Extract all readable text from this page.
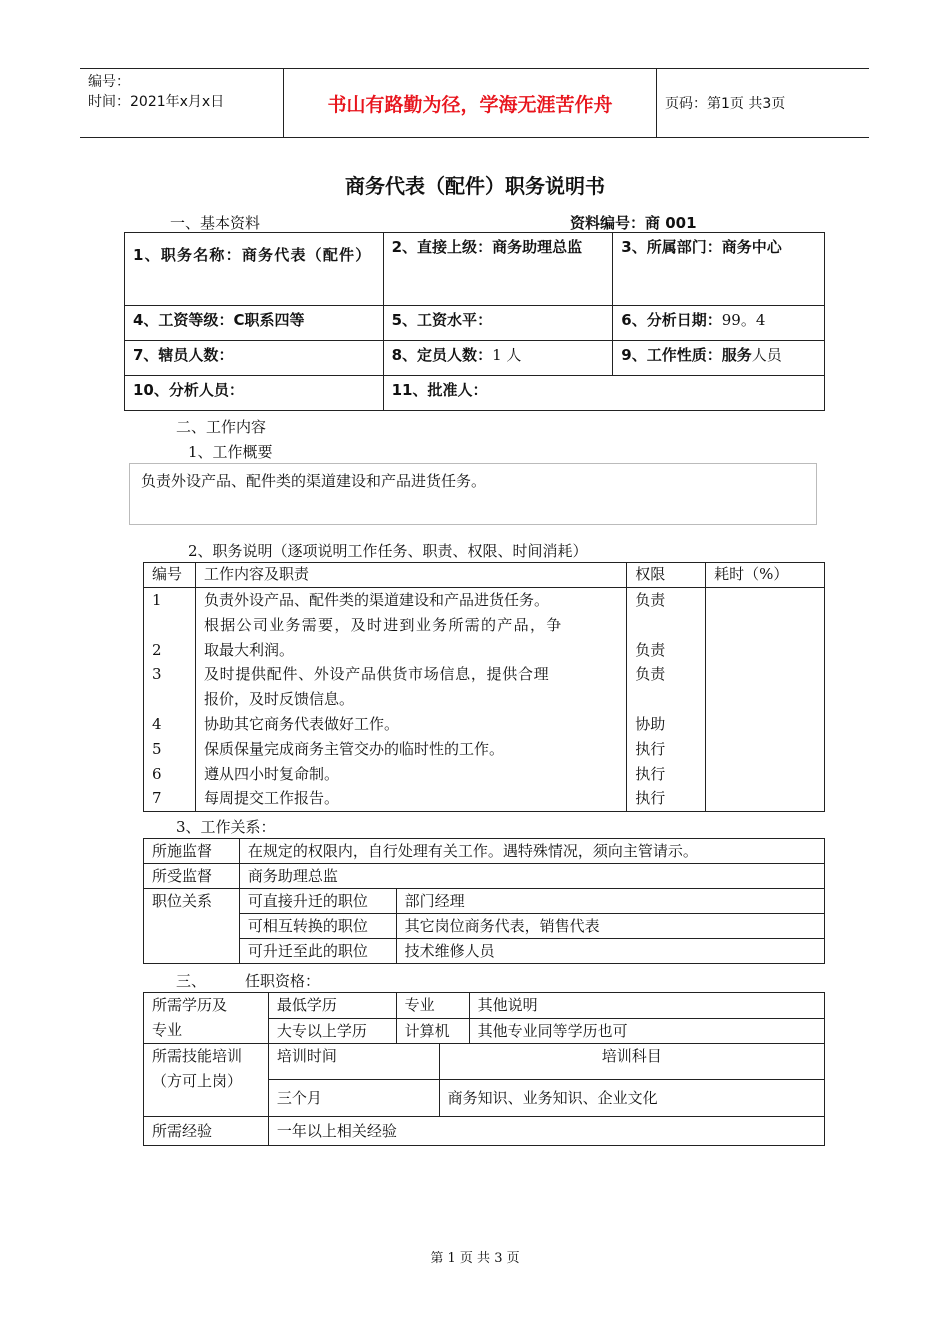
编号：
时间：2021年x月x日	书山有路勤为径，学海无涯苦作舟	页码：第1页 共3页
商务代表（配件）职务说明书
一、基本资料	资料编号：商 001
1、职务名称：商务代表（配件）	2、直接上级：商务助理总监	3、所属部门：商务中心
4、工资等级：C职系四等	5、工资水平：	6、分析日期：99。4
7、辖员人数：	8、定员人数：1 人	9、工作性质：服务人员
10、分析人员：	11、批准人：	
二、工作内容
1、工作概要
负责外设产品、配件类的渠道建设和产品进货任务。
2、职务说明（逐项说明工作任务、职责、权限、时间消耗）
编号	工作内容及职责	权限	耗时（%）
1	负责外设产品、配件类的渠道建设和产品进货任务。	负责	
	根据公司业务需要，及时进到业务所需的产品，争		
2	取最大利润。	负责	
3	及时提供配件、外设产品供货市场信息，提供合理	负责	
	报价，及时反馈信息。		
4	协助其它商务代表做好工作。	协助	
5	保质保量完成商务主管交办的临时性的工作。	执行	
6	遵从四小时复命制。	执行	
7	每周提交工作报告。	执行	
3、工作关系：
所施监督	在规定的权限内，自行处理有关工作。遇特殊情况，须向主管请示。	
所受监督	商务助理总监	
职位关系	可直接升迁的职位	部门经理
	可相互转换的职位	其它岗位商务代表，销售代表
	可升迁至此的职位	技术维修人员
三、	任职资格：
所需学历及
专业	最低学历	专业		其他说明
	大专以上学历	计算机		其他专业同等学历也可

所需技能培训
（方可上岗）	培训时间		培训科目	
	三个月		商务知识、业务知识、企业文化	
所需经验	一年以上相关经验			
第 1 页 共 3 页
